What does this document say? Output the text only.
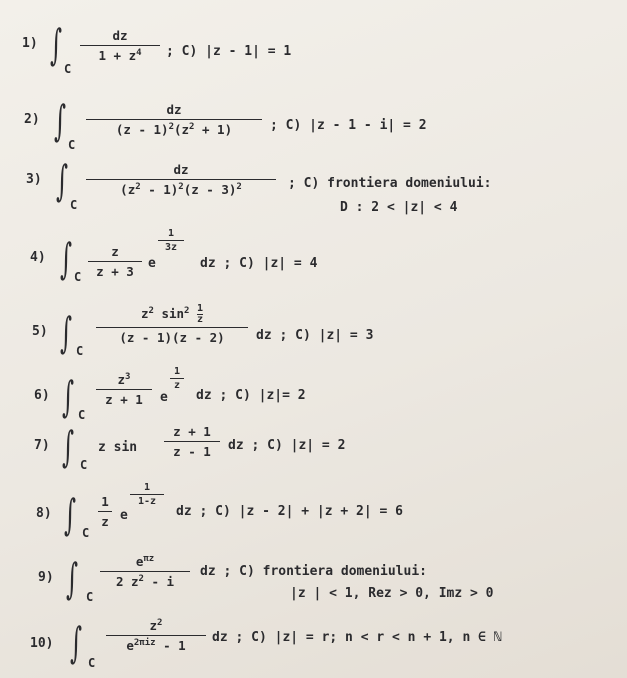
1) ∫ C
dz
$1 + z^4$	; C) |z - 1| = 1
2) ∫ C
dz
$(z - 1)^2(z^2 + 1)$	; C) |z - 1 - i| = 2
3) ∫ C
dz
$(z^2 - 1)^2(z - 3)^2$	; C) frontiera domeniului:
D : 2 < |z| < 4
4) ∫ C
z
z + 3
e
1
3z
dz ; C) |z| = 4
5) ∫ C
$z^2$ $\sin^2 \frac{1}{z}$
(z - 1)(z - 2)	dz ; C) |z| = 3
6) ∫ C
$z^3$
z + 1	e
1
z
dz ; C) |z|= 2
7) ∫ C
z sin
z + 1
z - 1	dz ; C) |z| = 2
8) ∫ C
1
z e
1
1-z
dz ; C) |z - 2| + |z + 2| = 6
9) ∫ C
$e^{\pi z}$
2 $z^2$ - i
dz ; C) frontiera domeniului:
|z | < 1, Rez > 0, Imz > 0
10) ∫ C
$z^2$
$e^{2\pi iz} - 1$
dz ; C) |z| = r; n < r < n + 1, n ∈ ℕ
